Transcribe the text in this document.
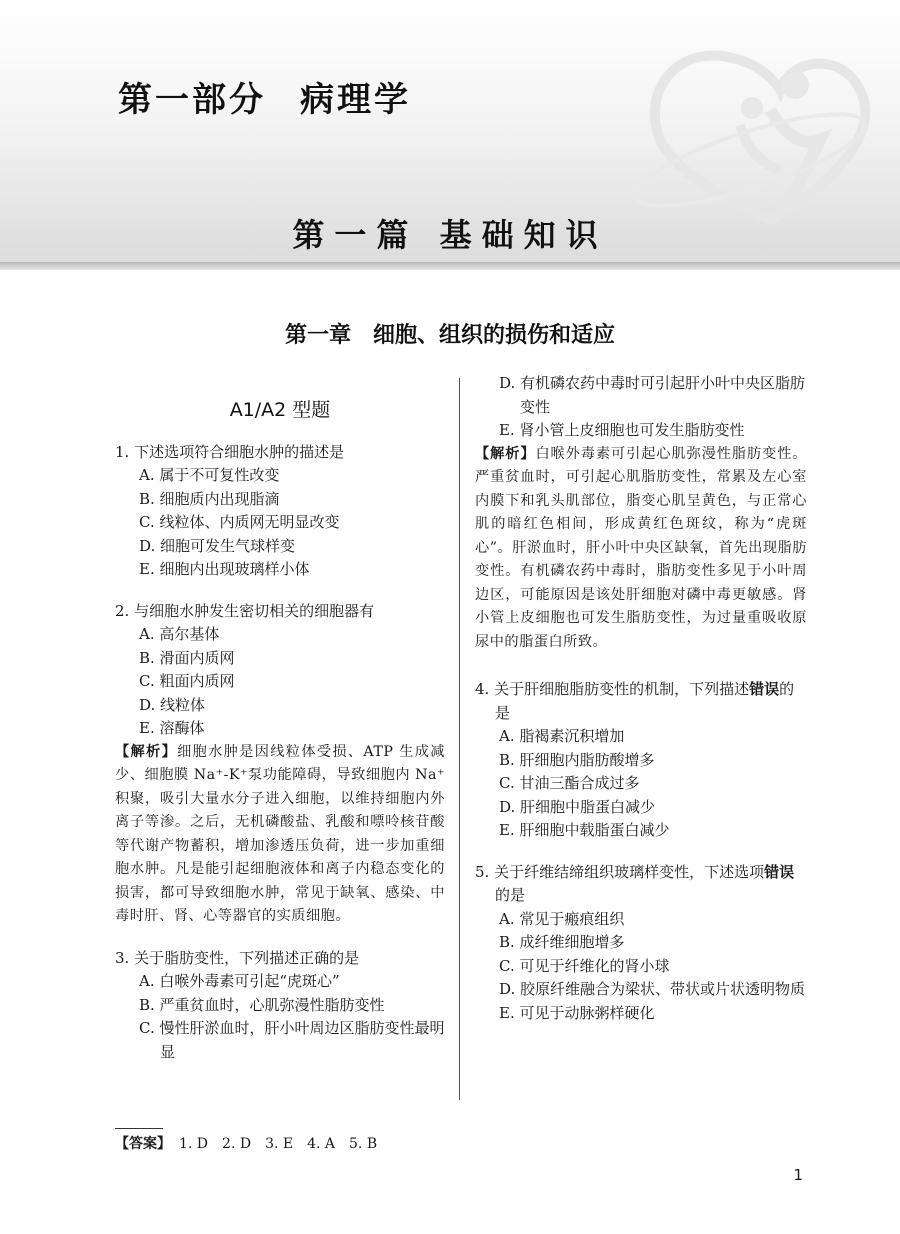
第一部分 病理学
第一篇 基础知识
第一章　细胞、组织的损伤和适应
A1/A2 型题
1. 下述选项符合细胞水肿的描述是
A. 属于不可复性改变
B. 细胞质内出现脂滴
C. 线粒体、内质网无明显改变
D. 细胞可发生气球样变
E. 细胞内出现玻璃样小体
2. 与细胞水肿发生密切相关的细胞器有
A. 高尔基体
B. 滑面内质网
C. 粗面内质网
D. 线粒体
E. 溶酶体
【解析】细胞水肿是因线粒体受损、ATP 生成减少、细胞膜 Na⁺-K⁺泵功能障碍，导致细胞内 Na⁺积聚，吸引大量水分子进入细胞，以维持细胞内外离子等渗。之后，无机磷酸盐、乳酸和嘌呤核苷酸等代谢产物蓄积，增加渗透压负荷，进一步加重细胞水肿。凡是能引起细胞液体和离子内稳态变化的损害，都可导致细胞水肿，常见于缺氧、感染、中毒时肝、肾、心等器官的实质细胞。
3. 关于脂肪变性，下列描述正确的是
A. 白喉外毒素可引起“虎斑心”
B. 严重贫血时，心肌弥漫性脂肪变性
C. 慢性肝淤血时，肝小叶周边区脂肪变性最明显
D. 有机磷农药中毒时可引起肝小叶中央区脂肪变性
E. 肾小管上皮细胞也可发生脂肪变性
【解析】白喉外毒素可引起心肌弥漫性脂肪变性。严重贫血时，可引起心肌脂肪变性，常累及左心室内膜下和乳头肌部位，脂变心肌呈黄色，与正常心肌的暗红色相间，形成黄红色斑纹，称为“虎斑心”。肝淤血时，肝小叶中央区缺氧，首先出现脂肪变性。有机磷农药中毒时，脂肪变性多见于小叶周边区，可能原因是该处肝细胞对磷中毒更敏感。肾小管上皮细胞也可发生脂肪变性，为过量重吸收原尿中的脂蛋白所致。
4. 关于肝细胞脂肪变性的机制，下列描述错误的是
A. 脂褐素沉积增加
B. 肝细胞内脂肪酸增多
C. 甘油三酯合成过多
D. 肝细胞中脂蛋白减少
E. 肝细胞中载脂蛋白减少
5. 关于纤维结缔组织玻璃样变性，下述选项错误的是
A. 常见于瘢痕组织
B. 成纤维细胞增多
C. 可见于纤维化的肾小球
D. 胶原纤维融合为梁状、带状或片状透明物质
E. 可见于动脉粥样硬化
【答案】 1. D　2. D　3. E　4. A　5. B
1
